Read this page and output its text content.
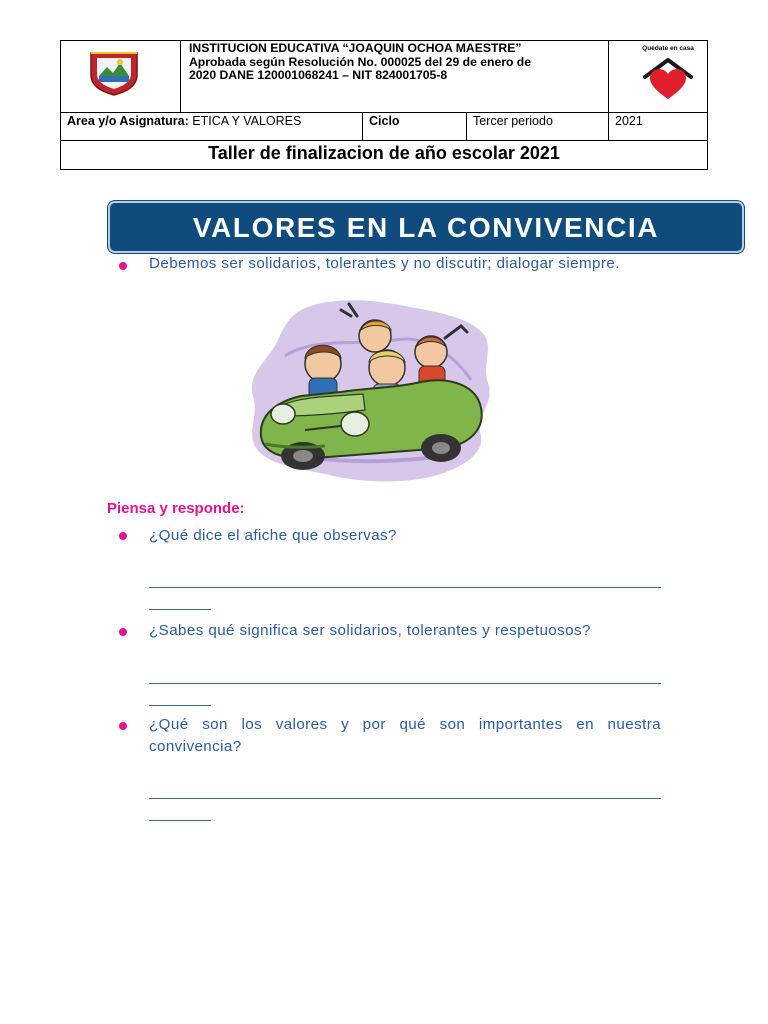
INSTITUCION EDUCATIVA “JOAQUIN OCHOA MAESTRE”
Aprobada según Resolución No. 000025 del 29 de enero de
2020 DANE 120001068241 – NIT 824001705-8
Quédate en casa
Area y/o Asignatura: ETICA Y VALORES	Ciclo	Tercer periodo	2021
Taller de finalizacion de año escolar 2021
VALORES EN LA CONVIVENCIA
Debemos ser solidarios, tolerantes y no discutir; dialogar siempre.
Piensa y responde:
¿Qué dice el afiche que observas?
¿Sabes qué significa ser solidarios, tolerantes y respetuosos?
¿Qué son los valores y por qué son importantes en nuestra convivencia?
